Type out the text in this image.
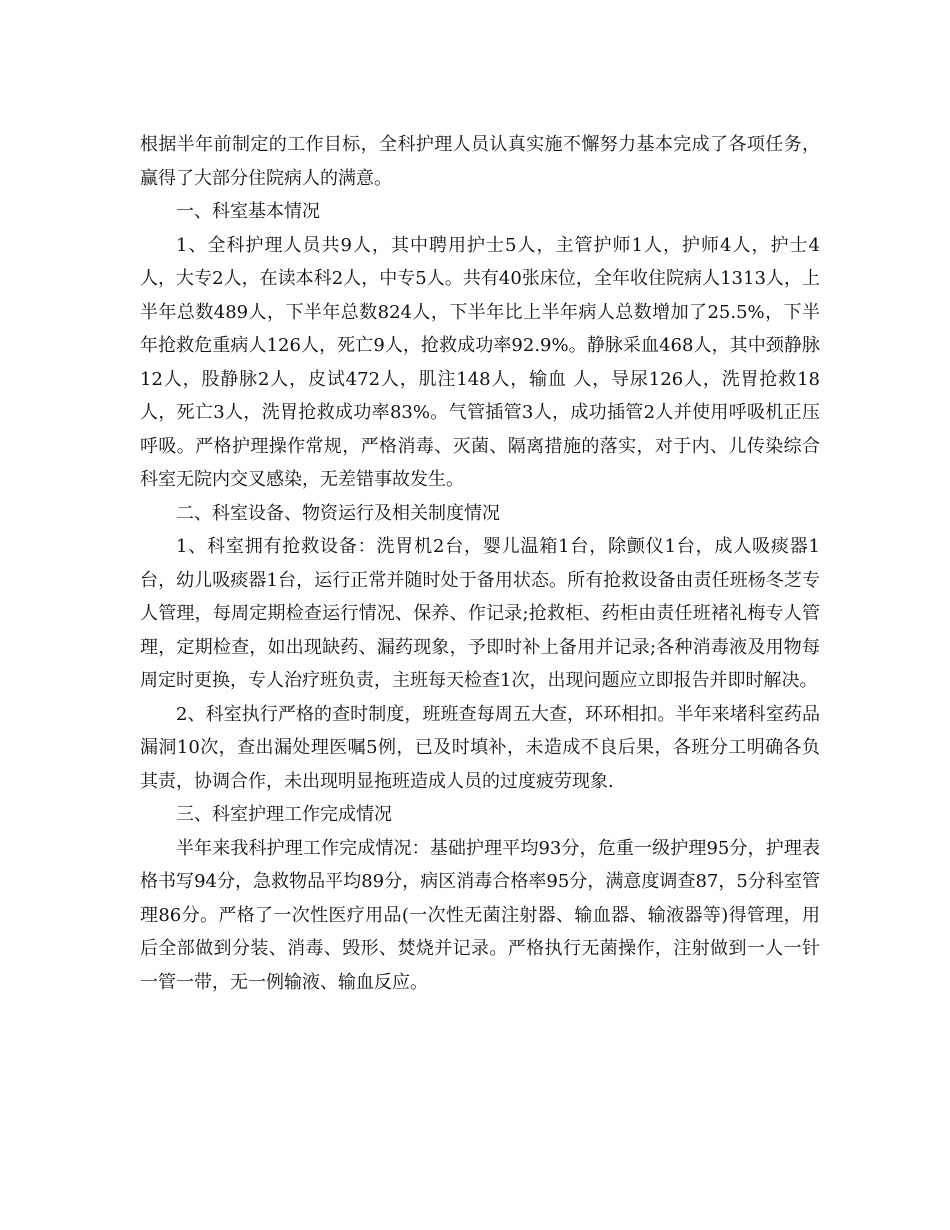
根据半年前制定的工作目标，全科护理人员认真实施不懈努力基本完成了各项任务，赢得了大部分住院病人的满意。

一、科室基本情况

1、全科护理人员共9人，其中聘用护士5人，主管护师1人，护师4人，护士4人，大专2人，在读本科2人，中专5人。共有40张床位，全年收住院病人1313人，上半年总数489人，下半年总数824人，下半年比上半年病人总数增加了25.5%，下半年抢救危重病人126人，死亡9人，抢救成功率92.9%。静脉采血468人，其中颈静脉12人，股静脉2人，皮试472人，肌注148人，输血 人，导尿126人，洗胃抢救18人，死亡3人，洗胃抢救成功率83%。气管插管3人，成功插管2人并使用呼吸机正压呼吸。严格护理操作常规，严格消毒、灭菌、隔离措施的落实，对于内、儿传染综合科室无院内交叉感染，无差错事故发生。

二、科室设备、物资运行及相关制度情况

1、科室拥有抢救设备：洗胃机2台，婴儿温箱1台，除颤仪1台，成人吸痰器1台，幼儿吸痰器1台，运行正常并随时处于备用状态。所有抢救设备由责任班杨冬芝专人管理，每周定期检查运行情况、保养、作记录;抢救柜、药柜由责任班褚礼梅专人管理，定期检查，如出现缺药、漏药现象，予即时补上备用并记录;各种消毒液及用物每周定时更换，专人治疗班负责，主班每天检查1次，出现问题应立即报告并即时解决。

2、科室执行严格的查时制度，班班查每周五大查，环环相扣。半年来堵科室药品漏洞10次，查出漏处理医嘱5例，已及时填补，未造成不良后果，各班分工明确各负其责，协调合作，未出现明显拖班造成人员的过度疲劳现象.

三、科室护理工作完成情况

半年来我科护理工作完成情况：基础护理平均93分，危重一级护理95分，护理表格书写94分，急救物品平均89分，病区消毒合格率95分，满意度调查87，5分科室管理86分。严格了一次性医疗用品(一次性无菌注射器、输血器、输液器等)得管理，用后全部做到分装、消毒、毁形、焚烧并记录。严格执行无菌操作，注射做到一人一针一管一带，无一例输液、输血反应。
